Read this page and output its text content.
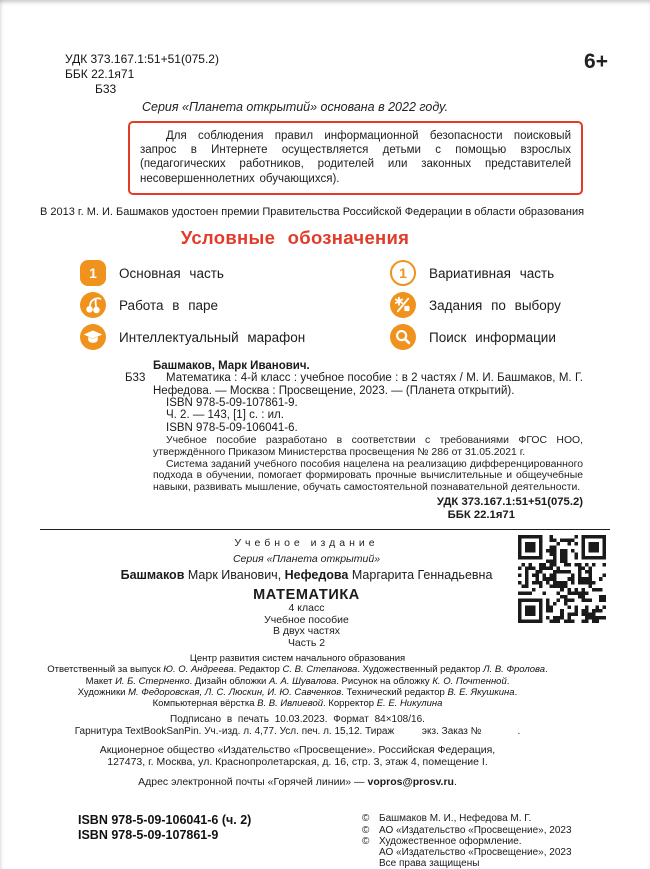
УДК 373.167.1:51+51(075.2)
ББК 22.1я71
Б33
6+
Серия «Планета открытий» основана в 2022 году.

Для соблюдения правил информационной безопасности поисковый запрос в Интернете осуществляется детьми с помощью взрослых (педагогических работников, родителей или законных представителей несовершеннолетних обучающихся).

В 2013 г. М. И. Башмаков удостоен премии Правительства Российской Федерации в области образования
Условные обозначения
1 Основная часть	1 Вариативная часть
Работа в паре	Задания по выбору
Интеллектуальный марафон	Поиск информации
Б33
Башмаков, Марк Иванович.
Математика : 4-й класс : учебное пособие : в 2 частях / М. И. Башмаков, М. Г. Нефедова. — Москва : Просвещение, 2023. — (Планета открытий).
ISBN 978-5-09-107861-9.
Ч. 2. — 143, [1] с. : ил.
ISBN 978-5-09-106041-6.
Учебное пособие разработано в соответствии с требованиями ФГОС НОО, утверждённого Приказом Министерства просвещения № 286 от 31.05.2021 г.
Система заданий учебного пособия нацелена на реализацию дифференцированного подхода в обучении, помогает формировать прочные вычислительные и общеучебные навыки, развивать мышление, обучать самостоятельной познавательной деятельности.
УДК 373.167.1:51+51(075.2)
ББК 22.1я71
Учебное издание
Серия «Планета открытий»
Башмаков Марк Иванович, Нефедова Маргарита Геннадьевна
МАТЕМАТИКА
4 класс
Учебное пособие
В двух частях
Часть 2
Центр развития систем начального образования
Ответственный за выпуск Ю. О. Андреева. Редактор С. В. Степанова. Художественный редактор Л. В. Фролова.
Макет И. Б. Стерненко. Дизайн обложки А. А. Шувалова. Рисунок на обложку К. О. Почтенной.
Художники М. Федоровская, Л. С. Люскин, И. Ю. Савченков. Технический редактор В. Е. Якушкина.
Компьютерная вёрстка В. В. Ивлиевой. Корректор Е. Е. Никулина
Подписано в печать 10.03.2023. Формат 84×108/16.
Гарнитура TextBookSanPin. Уч.-изд. л. 4,77. Усл. печ. л. 15,12. Тираж          экз. Заказ №             .
Акционерное общество «Издательство «Просвещение». Российская Федерация,
127473, г. Москва, ул. Краснопролетарская, д. 16, стр. 3, этаж 4, помещение I.
Адрес электронной почты «Горячей линии» — vopros@prosv.ru.
ISBN 978-5-09-106041-6 (ч. 2)
ISBN 978-5-09-107861-9
© Башмаков М. И., Нефедова М. Г.
© АО «Издательство «Просвещение», 2023
© Художественное оформление.
АО «Издательство «Просвещение», 2023
Все права защищены
